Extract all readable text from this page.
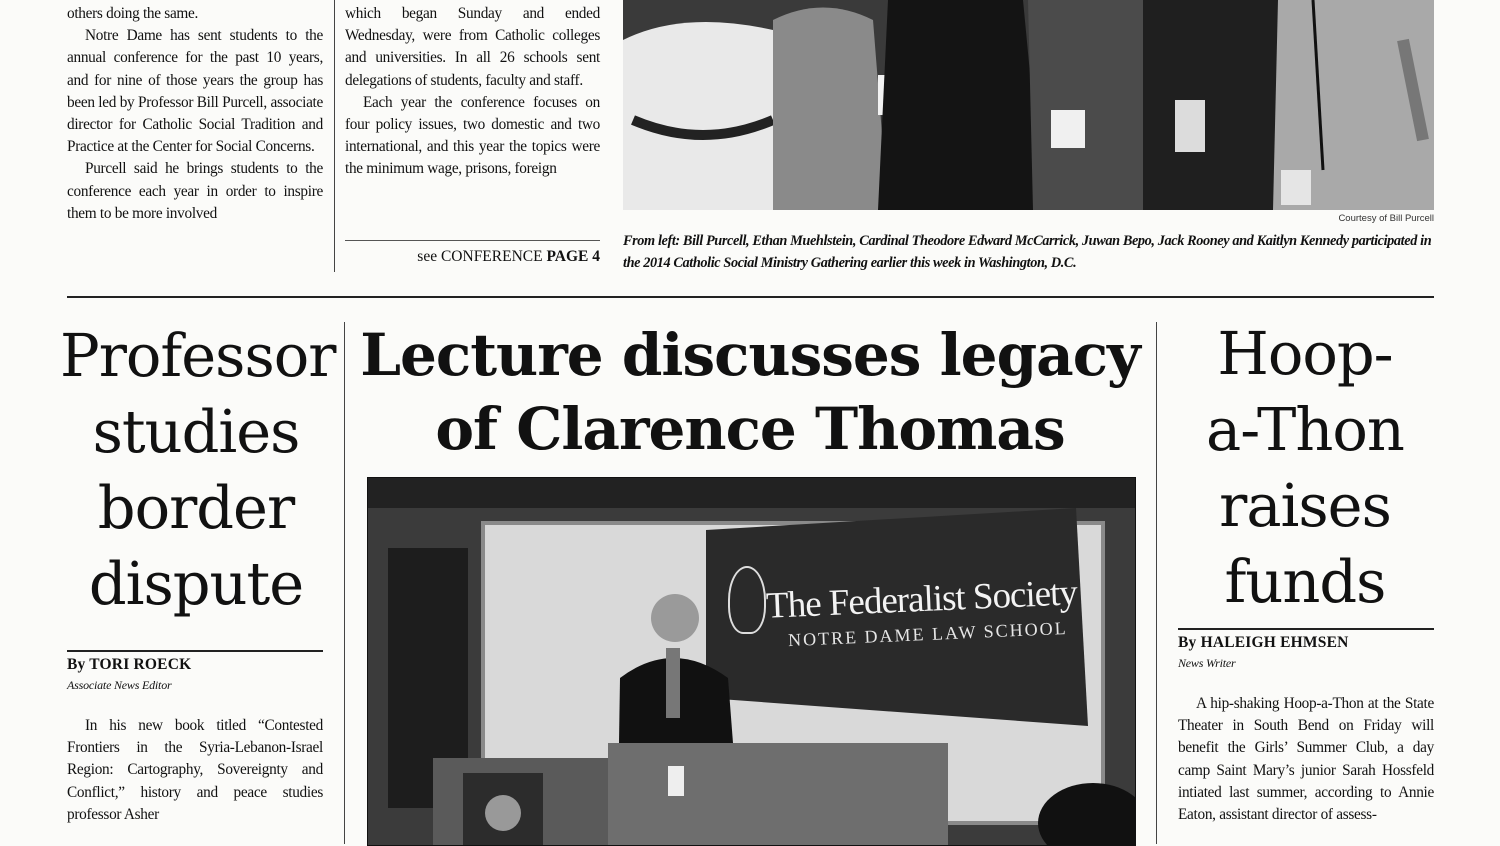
others doing the same.

Notre Dame has sent students to the annual conference for the past 10 years, and for nine of those years the group has been led by Professor Bill Purcell, associate director for Catholic Social Tradition and Practice at the Center for Social Concerns.

Purcell said he brings students to the conference each year in order to inspire them to be more involved

which began Sunday and ended Wednesday, were from Catholic colleges and universities. In all 26 schools sent delegations of students, faculty and staff.

Each year the conference focuses on four policy issues, two domestic and two international, and this year the topics were the minimum wage, prisons, foreign

see CONFERENCE PAGE 4
Courtesy of Bill Purcell
From left: Bill Purcell, Ethan Muehlstein, Cardinal Theodore Edward McCarrick, Juwan Bepo, Jack Rooney and Kaitlyn Kennedy participated in the 2014 Catholic Social Ministry Gathering earlier this week in Washington, D.C.
Professor
studies
border
dispute
By TORI ROECK
Associate News Editor

In his new book titled “Contested Frontiers in the Syria-Lebanon-Israel Region: Cartography, Sovereignty and Conflict,” history and peace studies professor Asher

Lecture discusses legacy
of Clarence Thomas
The Federalist Society
NOTRE DAME LAW SCHOOL
Hoop-
a-Thon
raises
funds
By HALEIGH EHMSEN
News Writer

A hip-shaking Hoop-a-Thon at the State Theater in South Bend on Friday will benefit the Girls’ Summer Club, a day camp Saint Mary’s junior Sarah Hossfeld intiated last summer, according to Annie Eaton, assistant director of assess-
